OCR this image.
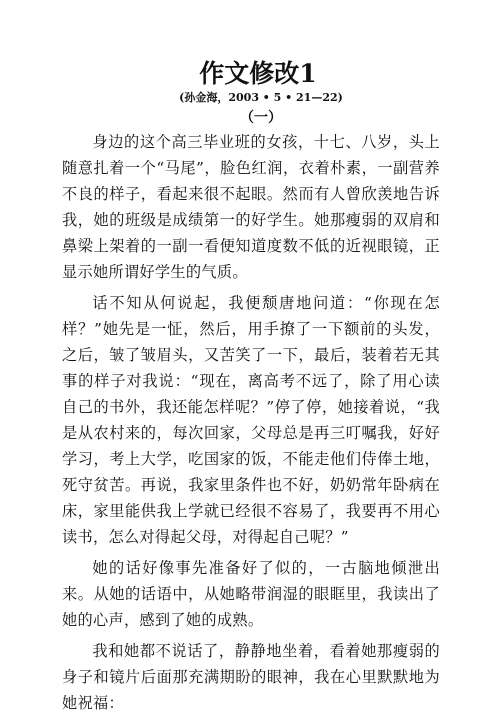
作文修改1
(孙金海，2003 • 5 • 21—22)
（一）

身边的这个高三毕业班的女孩，十七、八岁，头上随意扎着一个“马尾”，脸色红润，衣着朴素，一副营养不良的样子，看起来很不起眼。然而有人曾欣羡地告诉我，她的班级是成绩第一的好学生。她那瘦弱的双肩和鼻梁上架着的一副一看便知道度数不低的近视眼镜，正显示她所谓好学生的气质。

话不知从何说起，我便颓唐地问道：“你现在怎样？”她先是一怔，然后，用手撩了一下额前的头发，之后，皱了皱眉头，又苦笑了一下，最后，装着若无其事的样子对我说：“现在，离高考不远了，除了用心读自己的书外，我还能怎样呢？”停了停，她接着说，“我是从农村来的，每次回家，父母总是再三叮嘱我，好好学习，考上大学，吃国家的饭，不能走他们侍俸土地，死守贫苦。再说，我家里条件也不好，奶奶常年卧病在床，家里能供我上学就已经很不容易了，我要再不用心读书，怎么对得起父母，对得起自己呢？”

她的话好像事先准备好了似的，一古脑地倾泄出来。从她的话语中，从她略带润湿的眼眶里，我读出了她的心声，感到了她的成熟。

我和她都不说话了，静静地坐着，看着她那瘦弱的身子和镜片后面那充满期盼的眼神，我在心里默默地为她祝福：
